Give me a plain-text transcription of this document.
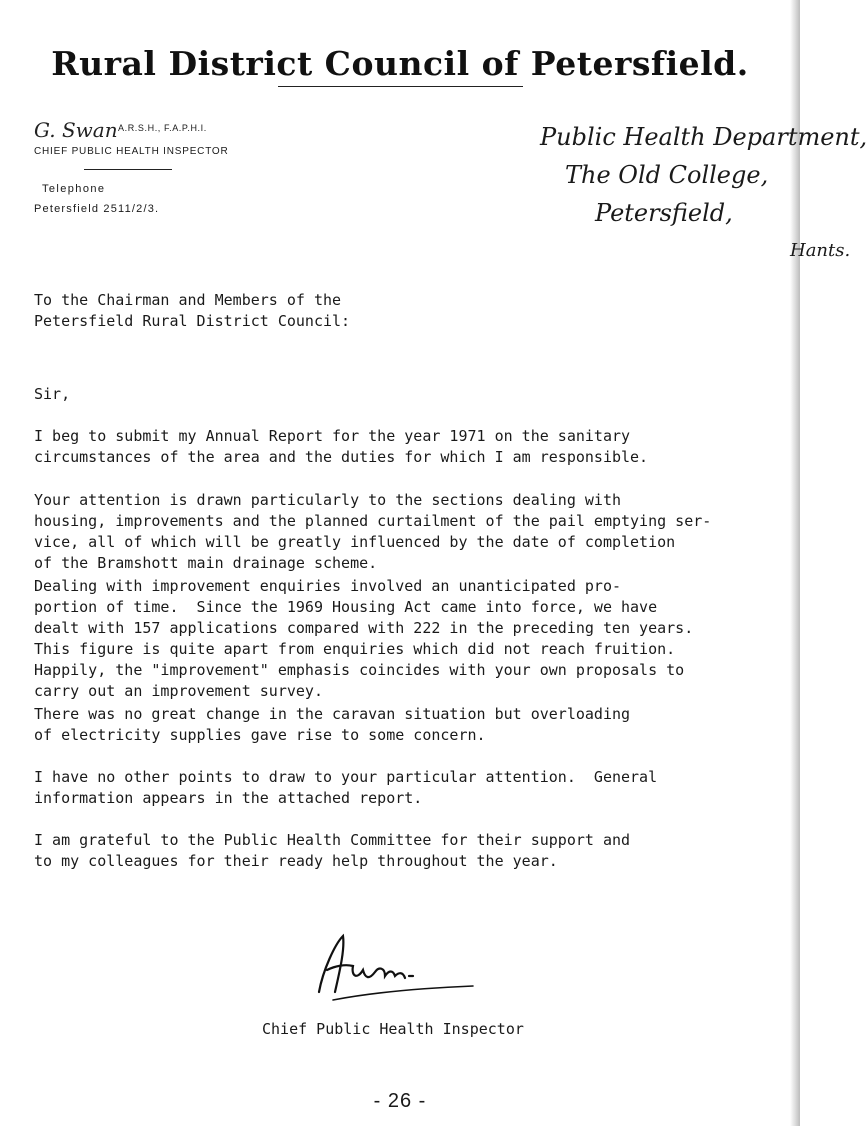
Rural District Council of Petersfield.
G. Swan A.R.S.H., F.A.P.H.I.
CHIEF PUBLIC HEALTH INSPECTOR
Telephone
Petersfield 2511/2/3.
Public Health Department,
The Old College,
Petersfield,
Hants.
To the Chairman and Members of the
Petersfield Rural District Council:
Sir,
I beg to submit my Annual Report for the year 1971 on the sanitary
circumstances of the area and the duties for which I am responsible.
Your attention is drawn particularly to the sections dealing with
housing, improvements and the planned curtailment of the pail emptying ser-
vice, all of which will be greatly influenced by the date of completion
of the Bramshott main drainage scheme.
Dealing with improvement enquiries involved an unanticipated pro-
portion of time.  Since the 1969 Housing Act came into force, we have
dealt with 157 applications compared with 222 in the preceding ten years.
This figure is quite apart from enquiries which did not reach fruition.
Happily, the "improvement" emphasis coincides with your own proposals to
carry out an improvement survey.
There was no great change in the caravan situation but overloading
of electricity supplies gave rise to some concern.
I have no other points to draw to your particular attention.  General
information appears in the attached report.
I am grateful to the Public Health Committee for their support and
to my colleagues for their ready help throughout the year.
Chief Public Health Inspector
- 26 -
